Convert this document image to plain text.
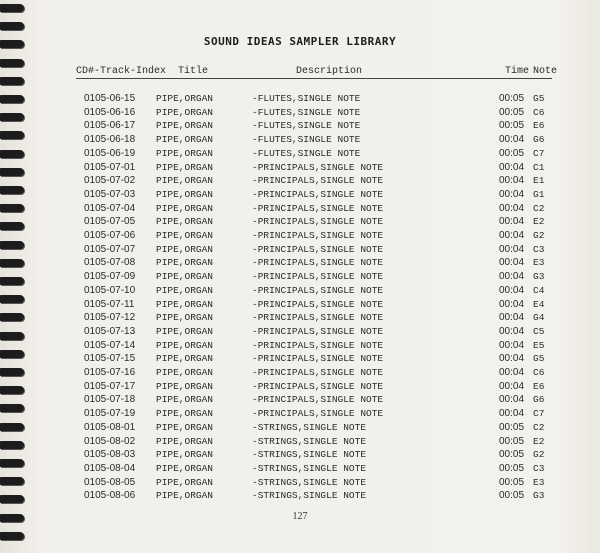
SOUND IDEAS SAMPLER LIBRARY
CD#-Track-Index Title	Description	Time Note
0105-06-15 PIPE,ORGAN	-FLUTES,SINGLE NOTE	00:05 G5
0105-06-16 PIPE,ORGAN	-FLUTES,SINGLE NOTE	00:05 C6
0105-06-17 PIPE,ORGAN	-FLUTES,SINGLE NOTE	00:05 E6
0105-06-18 PIPE,ORGAN	-FLUTES,SINGLE NOTE	00:04 G6
0105-06-19 PIPE,ORGAN	-FLUTES,SINGLE NOTE	00:05 C7
0105-07-01 PIPE,ORGAN	-PRINCIPALS,SINGLE NOTE	00:04 C1
0105-07-02 PIPE,ORGAN	-PRINCIPALS,SINGLE NOTE	00:04 E1
0105-07-03 PIPE,ORGAN	-PRINCIPALS,SINGLE NOTE	00:04 G1
0105-07-04 PIPE,ORGAN	-PRINCIPALS,SINGLE NOTE	00:04 C2
0105-07-05 PIPE,ORGAN	-PRINCIPALS,SINGLE NOTE	00:04 E2
0105-07-06 PIPE,ORGAN	-PRINCIPALS,SINGLE NOTE	00:04 G2
0105-07-07 PIPE,ORGAN	-PRINCIPALS,SINGLE NOTE	00:04 C3
0105-07-08 PIPE,ORGAN	-PRINCIPALS,SINGLE NOTE	00:04 E3
0105-07-09 PIPE,ORGAN	-PRINCIPALS,SINGLE NOTE	00:04 G3
0105-07-10 PIPE,ORGAN	-PRINCIPALS,SINGLE NOTE	00:04 C4
0105-07-11 PIPE,ORGAN	-PRINCIPALS,SINGLE NOTE	00:04 E4
0105-07-12 PIPE,ORGAN	-PRINCIPALS,SINGLE NOTE	00:04 G4
0105-07-13 PIPE,ORGAN	-PRINCIPALS,SINGLE NOTE	00:04 C5
0105-07-14 PIPE,ORGAN	-PRINCIPALS,SINGLE NOTE	00:04 E5
0105-07-15 PIPE,ORGAN	-PRINCIPALS,SINGLE NOTE	00:04 G5
0105-07-16 PIPE,ORGAN	-PRINCIPALS,SINGLE NOTE	00:04 C6
0105-07-17 PIPE,ORGAN	-PRINCIPALS,SINGLE NOTE	00:04 E6
0105-07-18 PIPE,ORGAN	-PRINCIPALS,SINGLE NOTE	00:04 G6
0105-07-19 PIPE,ORGAN	-PRINCIPALS,SINGLE NOTE	00:04 C7
0105-08-01 PIPE,ORGAN	-STRINGS,SINGLE NOTE	00:05 C2
0105-08-02 PIPE,ORGAN	-STRINGS,SINGLE NOTE	00:05 E2
0105-08-03 PIPE,ORGAN	-STRINGS,SINGLE NOTE	00:05 G2
0105-08-04 PIPE,ORGAN	-STRINGS,SINGLE NOTE	00:05 C3
0105-08-05 PIPE,ORGAN	-STRINGS,SINGLE NOTE	00:05 E3
0105-08-06 PIPE,ORGAN	-STRINGS,SINGLE NOTE	00:05 G3
127
